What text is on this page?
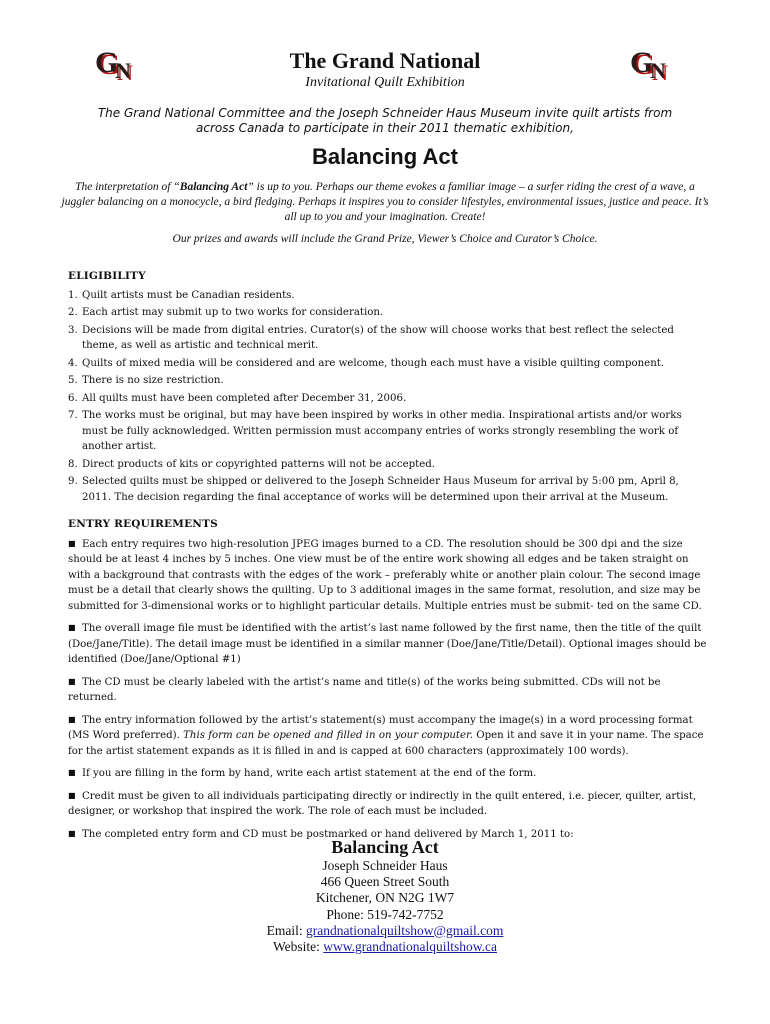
G
N	G
N
The Grand National
Invitational Quilt Exhibition
The Grand National Committee and the Joseph Schneider Haus Museum invite quilt artists from
across Canada to participate in their 2011 thematic exhibition,
Balancing Act
The interpretation of “Balancing Act” is up to you. Perhaps our theme evokes a familiar image – a surfer riding the crest of a wave, a juggler balancing on a monocycle, a bird fledging. Perhaps it inspires you to consider lifestyles, environmental issues, justice and peace. It’s all up to you and your imagination. Create!
Our prizes and awards will include the Grand Prize, Viewer’s Choice and Curator’s Choice.
ELIGIBILITY
1. Quilt artists must be Canadian residents.
2. Each artist may submit up to two works for consideration.
3. Decisions will be made from digital entries. Curator(s) of the show will choose works that best reflect the selected theme, as well as artistic and technical merit.
4. Quilts of mixed media will be considered and are welcome, though each must have a visible quilting component.
5. There is no size restriction.
6. All quilts must have been completed after December 31, 2006.
7. The works must be original, but may have been inspired by works in other media. Inspirational artists and/or works must be fully acknowledged. Written permission must accompany entries of works strongly resembling the work of another artist.
8. Direct products of kits or copyrighted patterns will not be accepted.
9. Selected quilts must be shipped or delivered to the Joseph Schneider Haus Museum for arrival by 5:00 pm, April 8, 2011. The decision regarding the final acceptance of works will be determined upon their arrival at the Museum.
ENTRY REQUIREMENTS
■ Each entry requires two high-resolution JPEG images burned to a CD. The resolution should be 300 dpi and the size should be at least 4 inches by 5 inches. One view must be of the entire work showing all edges and be taken straight on with a background that contrasts with the edges of the work – preferably white or another plain colour. The second image must be a detail that clearly shows the quilting. Up to 3 additional images in the same format, resolution, and size may be submitted for 3-dimensional works or to highlight particular details. Multiple entries must be submit- ted on the same CD.
■ The overall image file must be identified with the artist’s last name followed by the first name, then the title of the quilt (Doe/Jane/Title). The detail image must be identified in a similar manner (Doe/Jane/Title/Detail). Optional images should be identified (Doe/Jane/Optional #1)
■ The CD must be clearly labeled with the artist’s name and title(s) of the works being submitted. CDs will not be returned.
■ The entry information followed by the artist’s statement(s) must accompany the image(s) in a word processing format (MS Word preferred). This form can be opened and filled in on your computer. Open it and save it in your name. The space for the artist statement expands as it is filled in and is capped at 600 characters (approximately 100 words).
■ If you are filling in the form by hand, write each artist statement at the end of the form.
■ Credit must be given to all individuals participating directly or indirectly in the quilt entered, i.e. piecer, quilter, artist, designer, or workshop that inspired the work. The role of each must be included.
■ The completed entry form and CD must be postmarked or hand delivered by March 1, 2011 to:
Balancing Act
Joseph Schneider Haus
466 Queen Street South
Kitchener, ON N2G 1W7
Phone: 519-742-7752
Email: grandnationalquiltshow@gmail.com
Website: www.grandnationalquiltshow.ca
